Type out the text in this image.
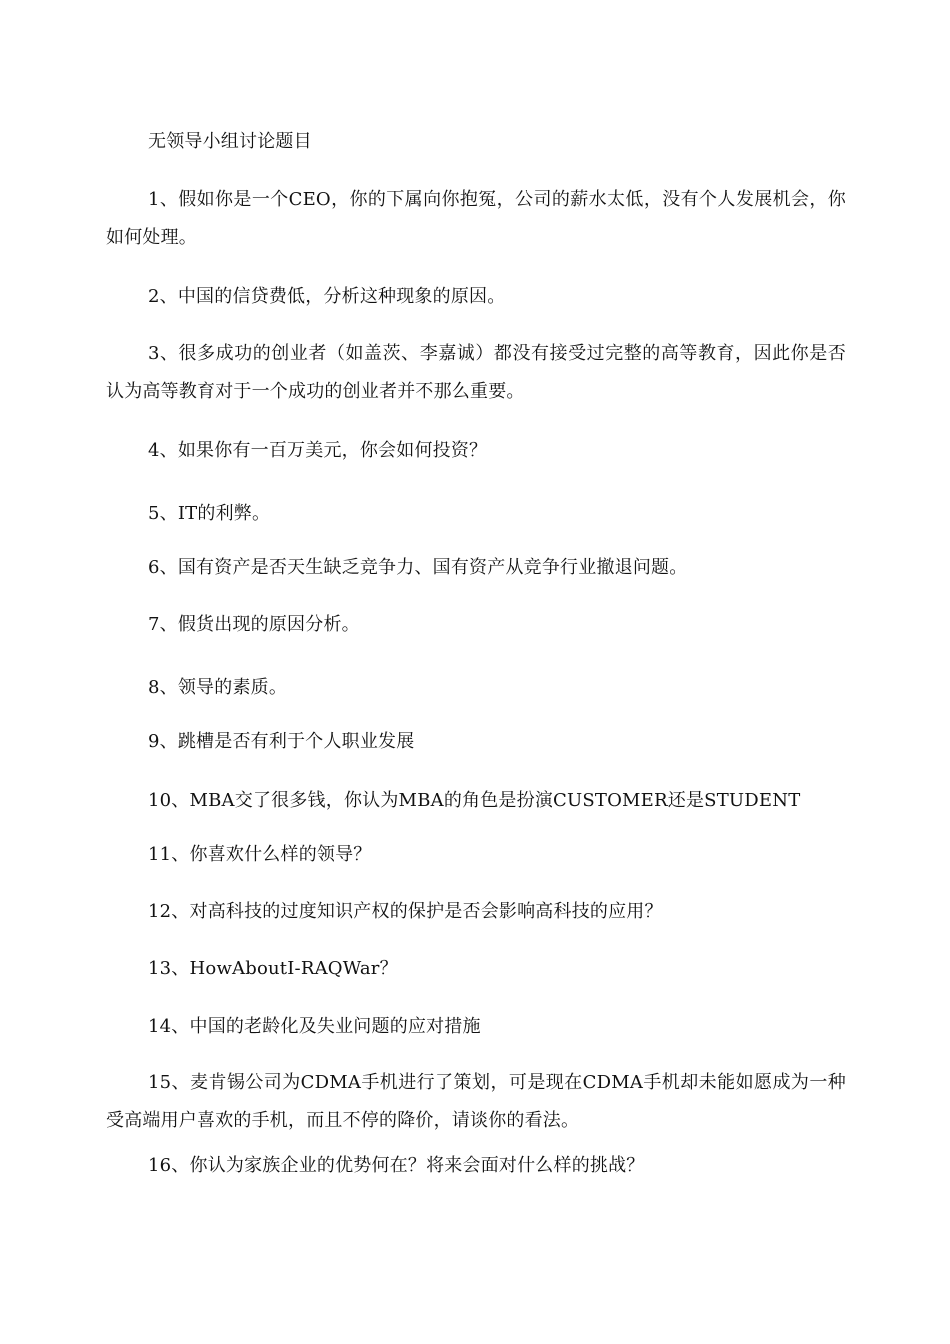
无领导小组讨论题目
1、假如你是一个CEO，你的下属向你抱冤，公司的薪水太低，没有个人发展机会，你如何处理。
2、中国的信贷费低，分析这种现象的原因。
3、很多成功的创业者（如盖茨、李嘉诚）都没有接受过完整的高等教育，因此你是否认为高等教育对于一个成功的创业者并不那么重要。
4、如果你有一百万美元，你会如何投资？
5、IT的利弊。
6、国有资产是否天生缺乏竞争力、国有资产从竞争行业撤退问题。
7、假货出现的原因分析。
8、领导的素质。
9、跳槽是否有利于个人职业发展
10、MBA交了很多钱，你认为MBA的角色是扮演CUSTOMER还是STUDENT
11、你喜欢什么样的领导？
12、对高科技的过度知识产权的保护是否会影响高科技的应用？
13、HowAboutI-RAQWar？
14、中国的老龄化及失业问题的应对措施
15、麦肯锡公司为CDMA手机进行了策划，可是现在CDMA手机却未能如愿成为一种受高端用户喜欢的手机，而且不停的降价，请谈你的看法。
16、你认为家族企业的优势何在？将来会面对什么样的挑战？
